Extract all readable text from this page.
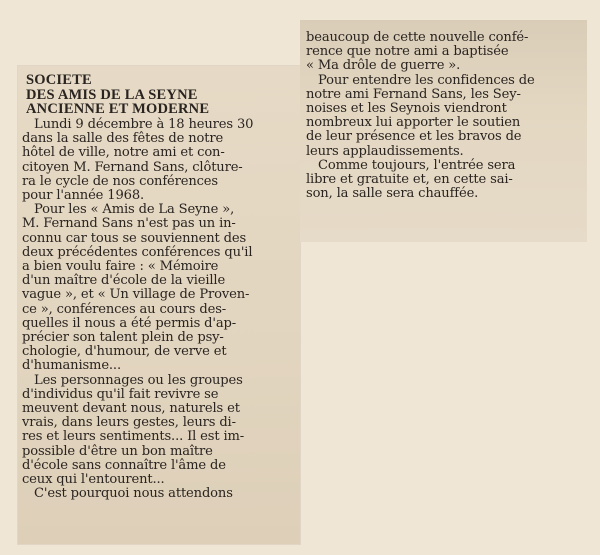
SOCIETE
DES AMIS DE LA SEYNE
ANCIENNE ET MODERNE
Lundi 9 décembre à 18 heures 30
dans la salle des fêtes de notre
hôtel de ville, notre ami et con-
citoyen M. Fernand Sans, clôture-
ra le cycle de nos conférences
pour l'année 1968.
Pour les « Amis de La Seyne »,
M. Fernand Sans n'est pas un in-
connu car tous se souviennent des
deux précédentes conférences qu'il
a bien voulu faire : « Mémoire
d'un maître d'école de la vieille
vague », et « Un village de Proven-
ce », conférences au cours des-
quelles il nous a été permis d'ap-
précier son talent plein de psy-
chologie, d'humour, de verve et
d'humanisme...
Les personnages ou les groupes
d'individus qu'il fait revivre se
meuvent devant nous, naturels et
vrais, dans leurs gestes, leurs di-
res et leurs sentiments... Il est im-
possible d'être un bon maître
d'école sans connaître l'âme de
ceux qui l'entourent...
C'est pourquoi nous attendons
beaucoup de cette nouvelle confé-
rence que notre ami a baptisée
« Ma drôle de guerre ».
Pour entendre les confidences de
notre ami Fernand Sans, les Sey-
noises et les Seynois viendront
nombreux lui apporter le soutien
de leur présence et les bravos de
leurs applaudissements.
Comme toujours, l'entrée sera
libre et gratuite et, en cette sai-
son, la salle sera chauffée.
